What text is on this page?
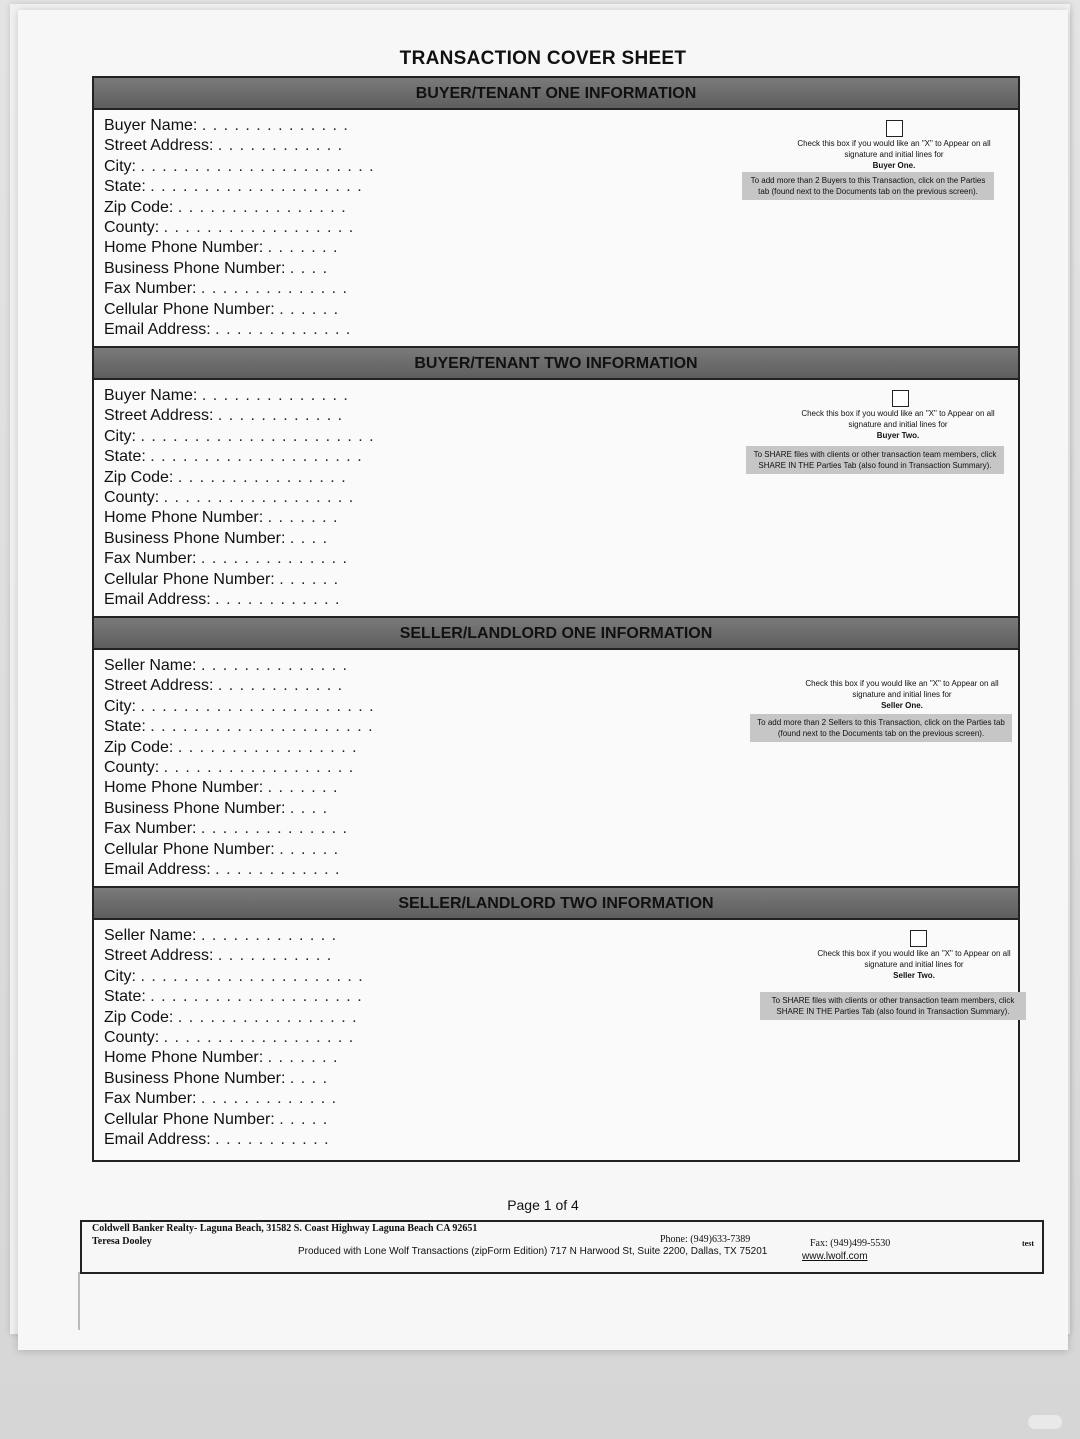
TRANSACTION COVER SHEET
BUYER/TENANT ONE INFORMATION
Buyer Name: . . . . . . . . . . . . . .
Street Address: . . . . . . . . . . . .
City: . . . . . . . . . . . . . . . . . . . . . .
State: . . . . . . . . . . . . . . . . . . . .
Zip Code: . . . . . . . . . . . . . . . .
County: . . . . . . . . . . . . . . . . . .
Home Phone Number: . . . . . . .
Business Phone Number: . . . .
Fax Number: . . . . . . . . . . . . . .
Cellular Phone Number: . . . . . .
Email Address: . . . . . . . . . . . . .
Check this box if you would like an "X" to Appear on all signature and initial lines for
Buyer One.
To add more than 2 Buyers to this Transaction, click on the Parties tab (found next to the Documents tab on the previous screen).
BUYER/TENANT TWO INFORMATION
Buyer Name: . . . . . . . . . . . . . .
Street Address: . . . . . . . . . . . .
City: . . . . . . . . . . . . . . . . . . . . . .
State: . . . . . . . . . . . . . . . . . . . .
Zip Code: . . . . . . . . . . . . . . . .
County: . . . . . . . . . . . . . . . . . .
Home Phone Number: . . . . . . .
Business Phone Number: . . . .
Fax Number: . . . . . . . . . . . . . .
Cellular Phone Number: . . . . . .
Email Address: . . . . . . . . . . . .
Check this box if you would like an "X" to Appear on all signature and initial lines for
Buyer Two.
To SHARE files with clients or other transaction team members, click SHARE IN THE Parties Tab (also found in Transaction Summary).
SELLER/LANDLORD ONE INFORMATION
Seller Name: . . . . . . . . . . . . . .
Street Address: . . . . . . . . . . . .
City: . . . . . . . . . . . . . . . . . . . . . .
State: . . . . . . . . . . . . . . . . . . . . .
Zip Code: . . . . . . . . . . . . . . . . .
County: . . . . . . . . . . . . . . . . . .
Home Phone Number: . . . . . . .
Business Phone Number: . . . .
Fax Number: . . . . . . . . . . . . . .
Cellular Phone Number: . . . . . .
Email Address: . . . . . . . . . . . .
Check this box if you would like an "X" to Appear on all signature and initial lines for
Seller One.
To add more than 2 Sellers to this Transaction, click on the Parties tab (found next to the Documents tab on the previous screen).
SELLER/LANDLORD TWO INFORMATION
Seller Name: . . . . . . . . . . . . .
Street Address: . . . . . . . . . . .
City: . . . . . . . . . . . . . . . . . . . . .
State: . . . . . . . . . . . . . . . . . . . .
Zip Code: . . . . . . . . . . . . . . . . .
County: . . . . . . . . . . . . . . . . . .
Home Phone Number: . . . . . . .
Business Phone Number: . . . .
Fax Number: . . . . . . . . . . . . .
Cellular Phone Number: . . . . .
Email Address: . . . . . . . . . . .
Check this box if you would like an "X" to Appear on all signature and initial lines for
Seller Two.
To SHARE files with clients or other transaction team members, click SHARE IN THE Parties Tab (also found in Transaction Summary).
Page 1 of 4
Coldwell Banker Realty- Laguna Beach, 31582 S. Coast Highway Laguna Beach CA 92651
Teresa Dooley	Phone: (949)633-7389	Fax: (949)499-5530
Produced with Lone Wolf Transactions (zipForm Edition) 717 N Harwood St, Suite 2200, Dallas, TX 75201	www.lwolf.com
test
